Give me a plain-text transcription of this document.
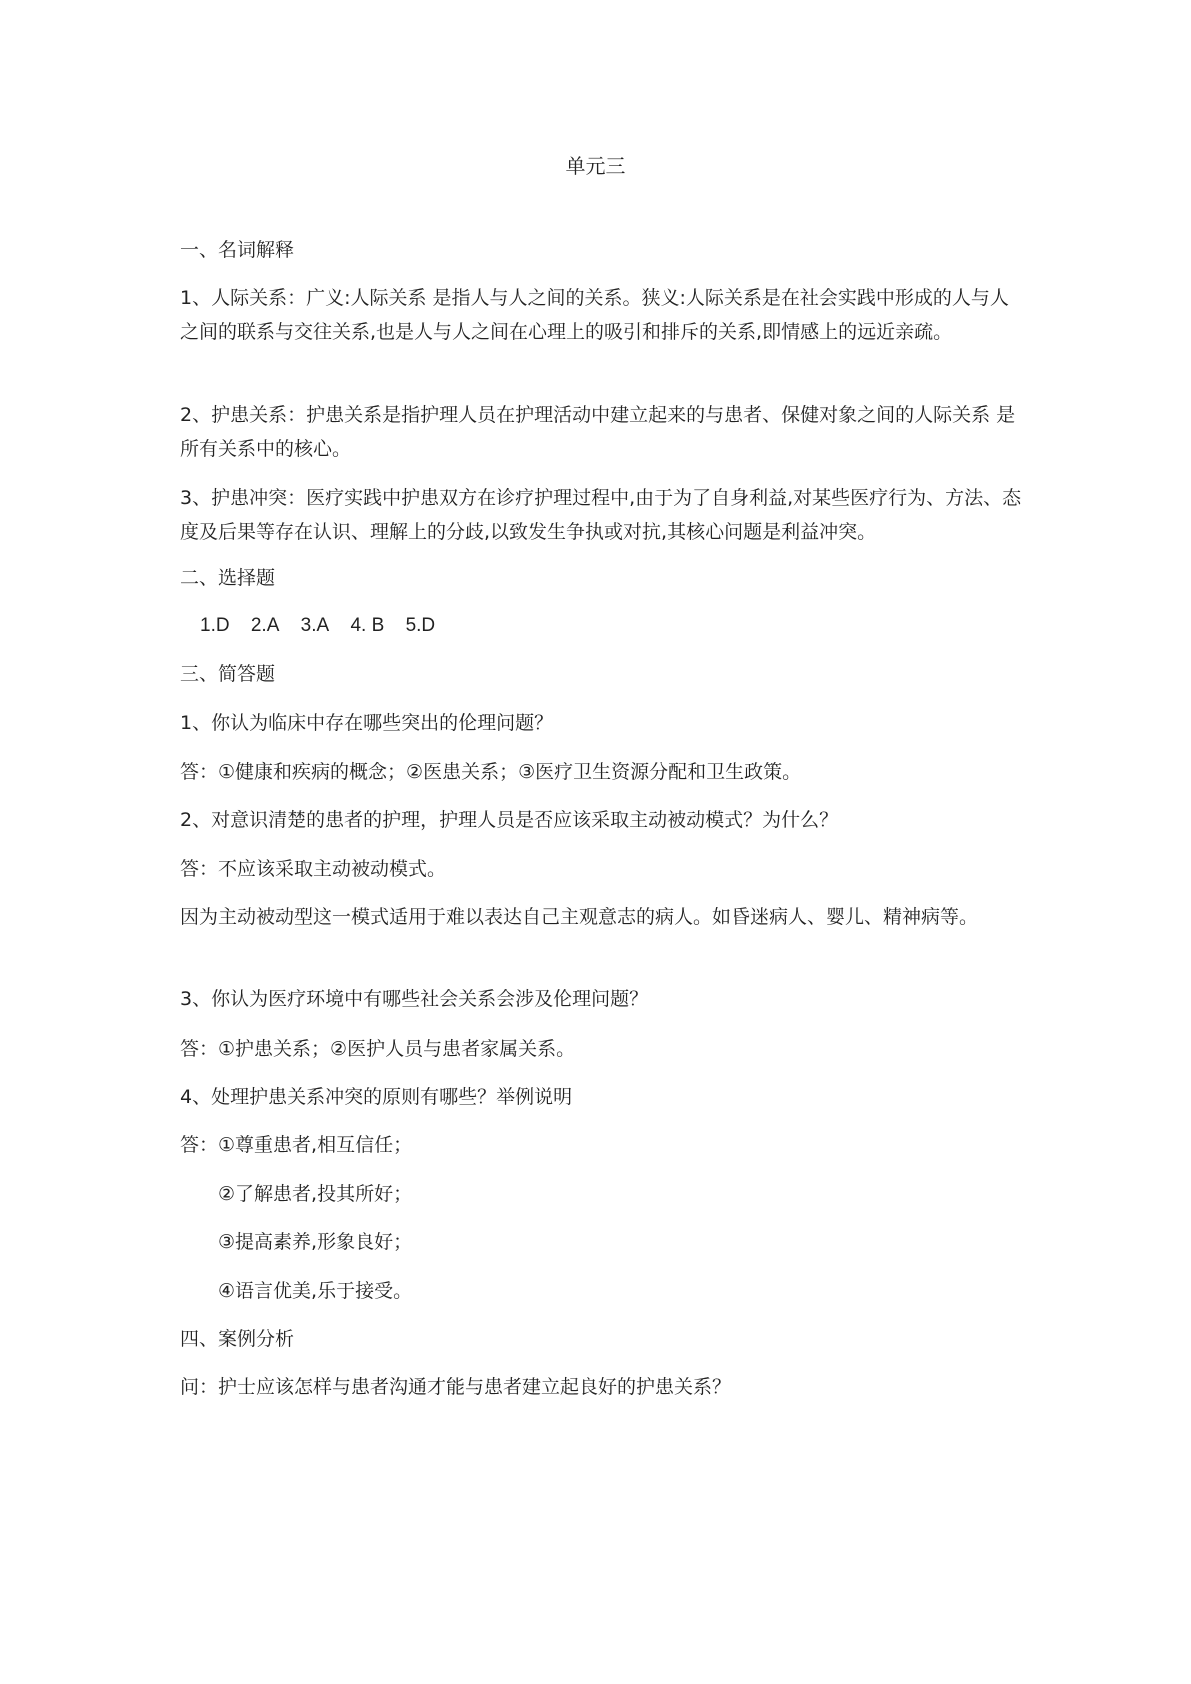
单元三
一、名词解释
1、人际关系：广义:人际关系 是指人与人之间的关系。狭义:人际关系是在社会实践中形成的人与人之间的联系与交往关系,也是人与人之间在心理上的吸引和排斥的关系,即情感上的远近亲疏。
2、护患关系：护患关系是指护理人员在护理活动中建立起来的与患者、保健对象之间的人际关系 是所有关系中的核心。
3、护患冲突：医疗实践中护患双方在诊疗护理过程中,由于为了自身利益,对某些医疗行为、方法、态度及后果等存在认识、理解上的分歧,以致发生争执或对抗,其核心问题是利益冲突。
二、选择题
1.D 2.A 3.A 4. B 5.D
三、简答题
1、你认为临床中存在哪些突出的伦理问题？
答：①健康和疾病的概念；②医患关系；③医疗卫生资源分配和卫生政策。
2、对意识清楚的患者的护理，护理人员是否应该采取主动被动模式？为什么？
答：不应该采取主动被动模式。
因为主动被动型这一模式适用于难以表达自己主观意志的病人。如昏迷病人、婴儿、精神病等。
3、你认为医疗环境中有哪些社会关系会涉及伦理问题？
答：①护患关系；②医护人员与患者家属关系。
4、处理护患关系冲突的原则有哪些？举例说明
答：①尊重患者,相互信任；
②了解患者,投其所好；
③提高素养,形象良好；
④语言优美,乐于接受。
四、案例分析
问：护士应该怎样与患者沟通才能与患者建立起良好的护患关系？
